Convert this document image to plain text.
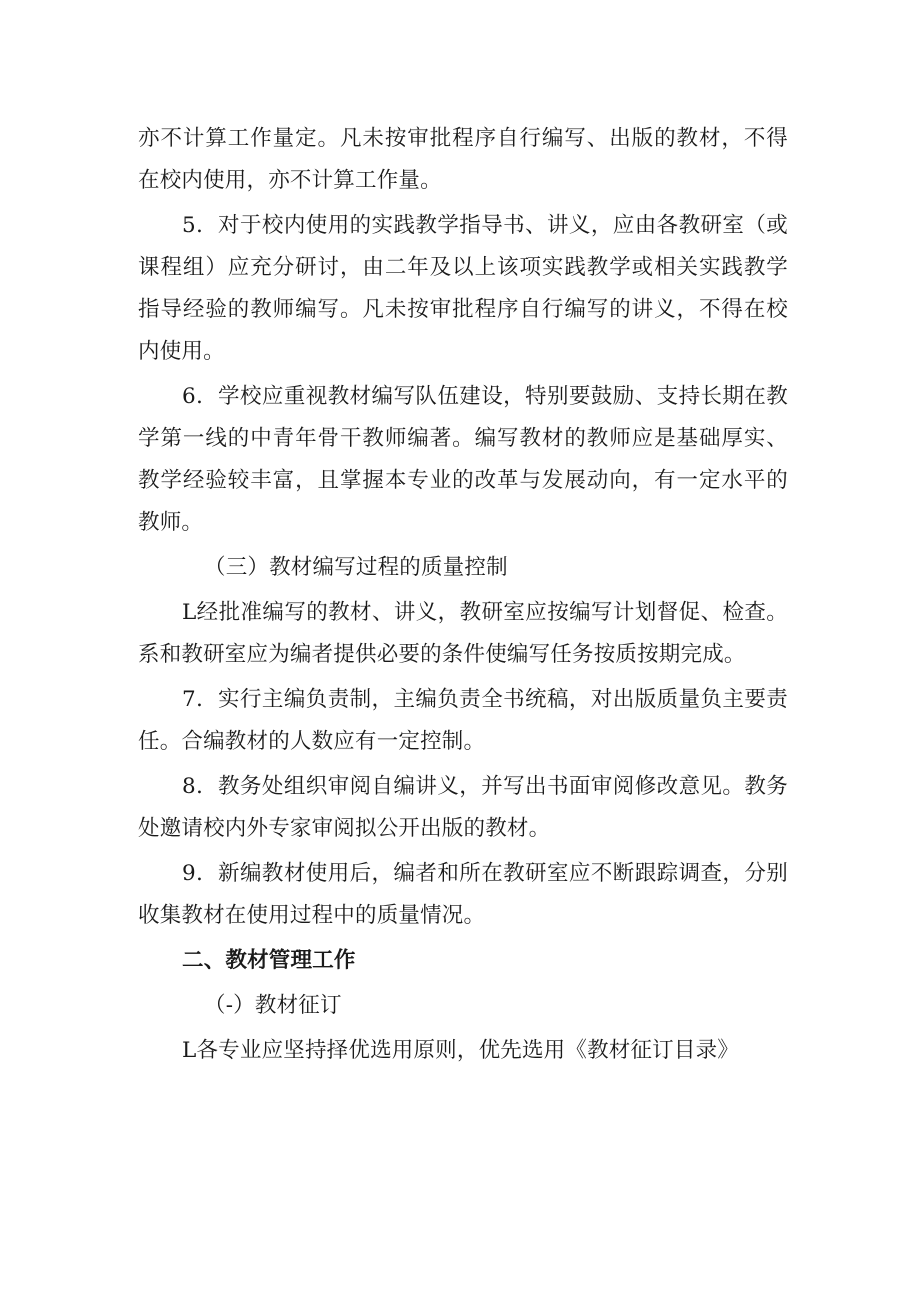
亦不计算工作量定。凡未按审批程序自行编写、出版的教材，不得在校内使用，亦不计算工作量。

5．对于校内使用的实践教学指导书、讲义，应由各教研室（或课程组）应充分研讨，由二年及以上该项实践教学或相关实践教学指导经验的教师编写。凡未按审批程序自行编写的讲义，不得在校内使用。

6．学校应重视教材编写队伍建设，特别要鼓励、支持长期在教学第一线的中青年骨干教师编著。编写教材的教师应是基础厚实、教学经验较丰富，且掌握本专业的改革与发展动向，有一定水平的教师。

（三）教材编写过程的质量控制

L经批准编写的教材、讲义，教研室应按编写计划督促、检查。系和教研室应为编者提供必要的条件使编写任务按质按期完成。

7．实行主编负责制，主编负责全书统稿，对出版质量负主要责任。合编教材的人数应有一定控制。

8．教务处组织审阅自编讲义，并写出书面审阅修改意见。教务处邀请校内外专家审阅拟公开出版的教材。

9．新编教材使用后，编者和所在教研室应不断跟踪调查，分别收集教材在使用过程中的质量情况。

二、教材管理工作

（-）教材征订

L各专业应坚持择优选用原则，优先选用《教材征订目录》
